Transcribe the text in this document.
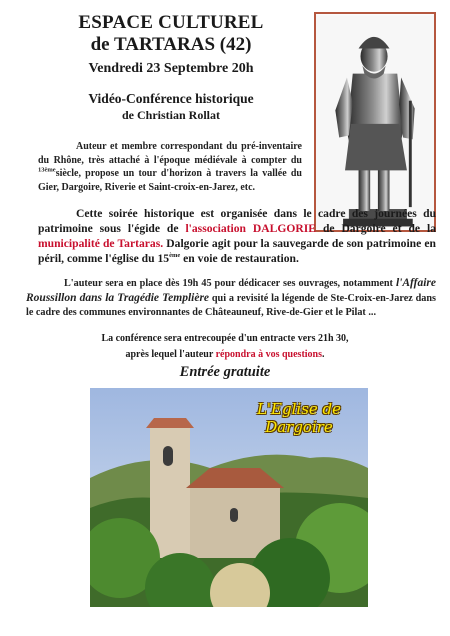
ESPACE CULTUREL
de TARTARAS (42)
Vendredi 23 Septembre 20h
Vidéo-Conférence historique
de Christian Rollat
Auteur et membre correspondant du pré-inventaire du Rhône, très attaché à l'époque médiévale à compter du $^{13ème}$siècle, propose un tour d'horizon à travers la vallée du Gier, Dargoire, Riverie et Saint-croix-en-Jarez, etc.
Cette soirée historique est organisée dans le cadre des journées du patrimoine sous l'égide de l'association DALGORIE de Dargoire et de la municipalité de Tartaras. Dalgorie agit pour la sauvegarde de son patrimoine en péril, comme l'église du 15ème en voie de restauration.
L'auteur sera en place dès 19h 45 pour dédicacer ses ouvrages, notamment l'Affaire Roussillon dans la Tragédie Templière qui a revisité la légende de Ste-Croix-en-Jarez dans le cadre des communes environnantes de Châteauneuf, Rive-de-Gier et le Pilat ...
La conférence sera entrecoupée d'un entracte vers 21h 30,
après lequel l'auteur répondra à vos questions.
Entrée gratuite
L'Eglise de Dargoire
